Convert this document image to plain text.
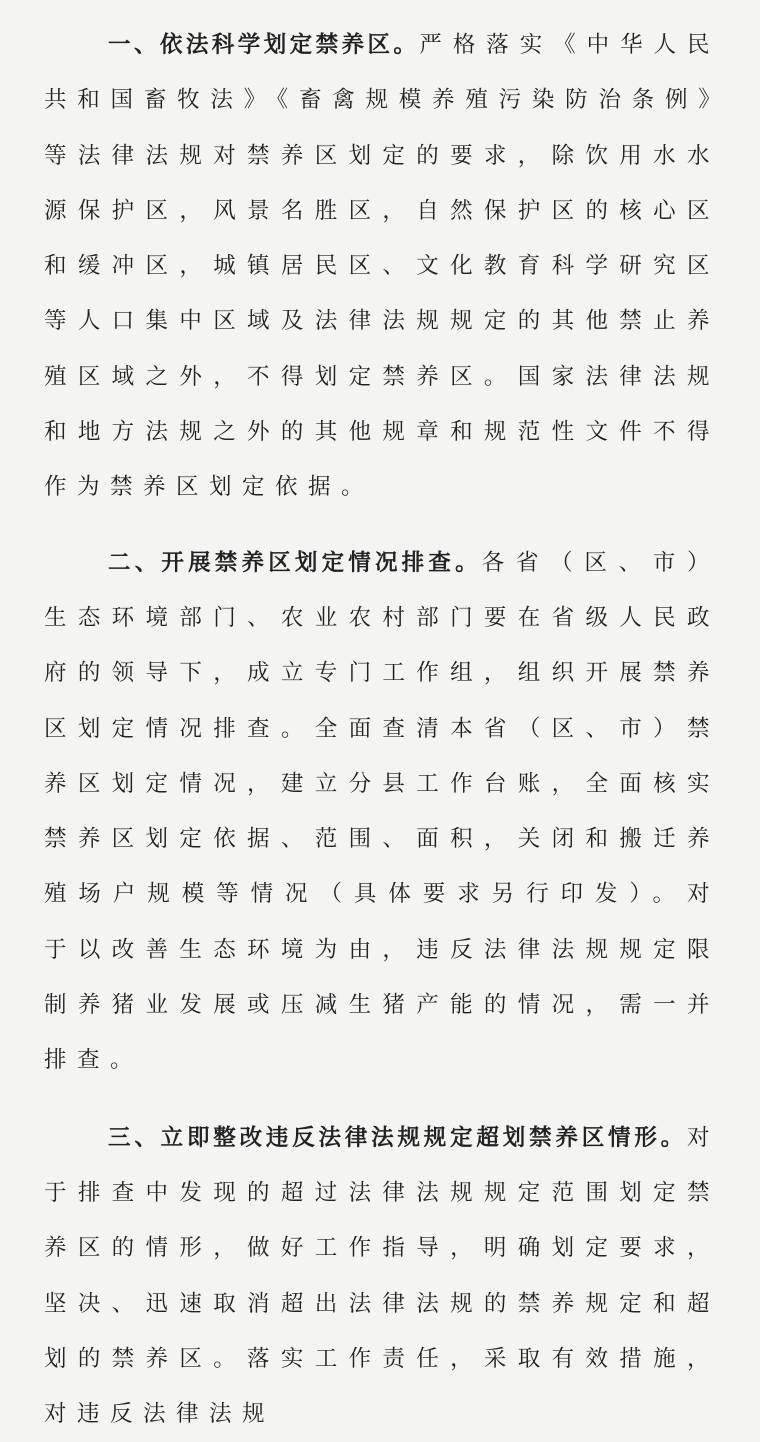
一、依法科学划定禁养区。严格落实《中华人民共和国畜牧法》《畜禽规模养殖污染防治条例》等法律法规对禁养区划定的要求，除饮用水水源保护区，风景名胜区，自然保护区的核心区和缓冲区，城镇居民区、文化教育科学研究区等人口集中区域及法律法规规定的其他禁止养殖区域之外，不得划定禁养区。国家法律法规和地方法规之外的其他规章和规范性文件不得作为禁养区划定依据。

二、开展禁养区划定情况排查。各省（区、市）生态环境部门、农业农村部门要在省级人民政府的领导下，成立专门工作组，组织开展禁养区划定情况排查。全面查清本省（区、市）禁养区划定情况，建立分县工作台账，全面核实禁养区划定依据、范围、面积，关闭和搬迁养殖场户规模等情况（具体要求另行印发）。对于以改善生态环境为由，违反法律法规规定限制养猪业发展或压减生猪产能的情况，需一并排查。

三、立即整改违反法律法规规定超划禁养区情形。对于排查中发现的超过法律法规规定范围划定禁养区的情形，做好工作指导，明确划定要求，坚决、迅速取消超出法律法规的禁养规定和超划的禁养区。落实工作责任，采取有效措施，对违反法律法规
